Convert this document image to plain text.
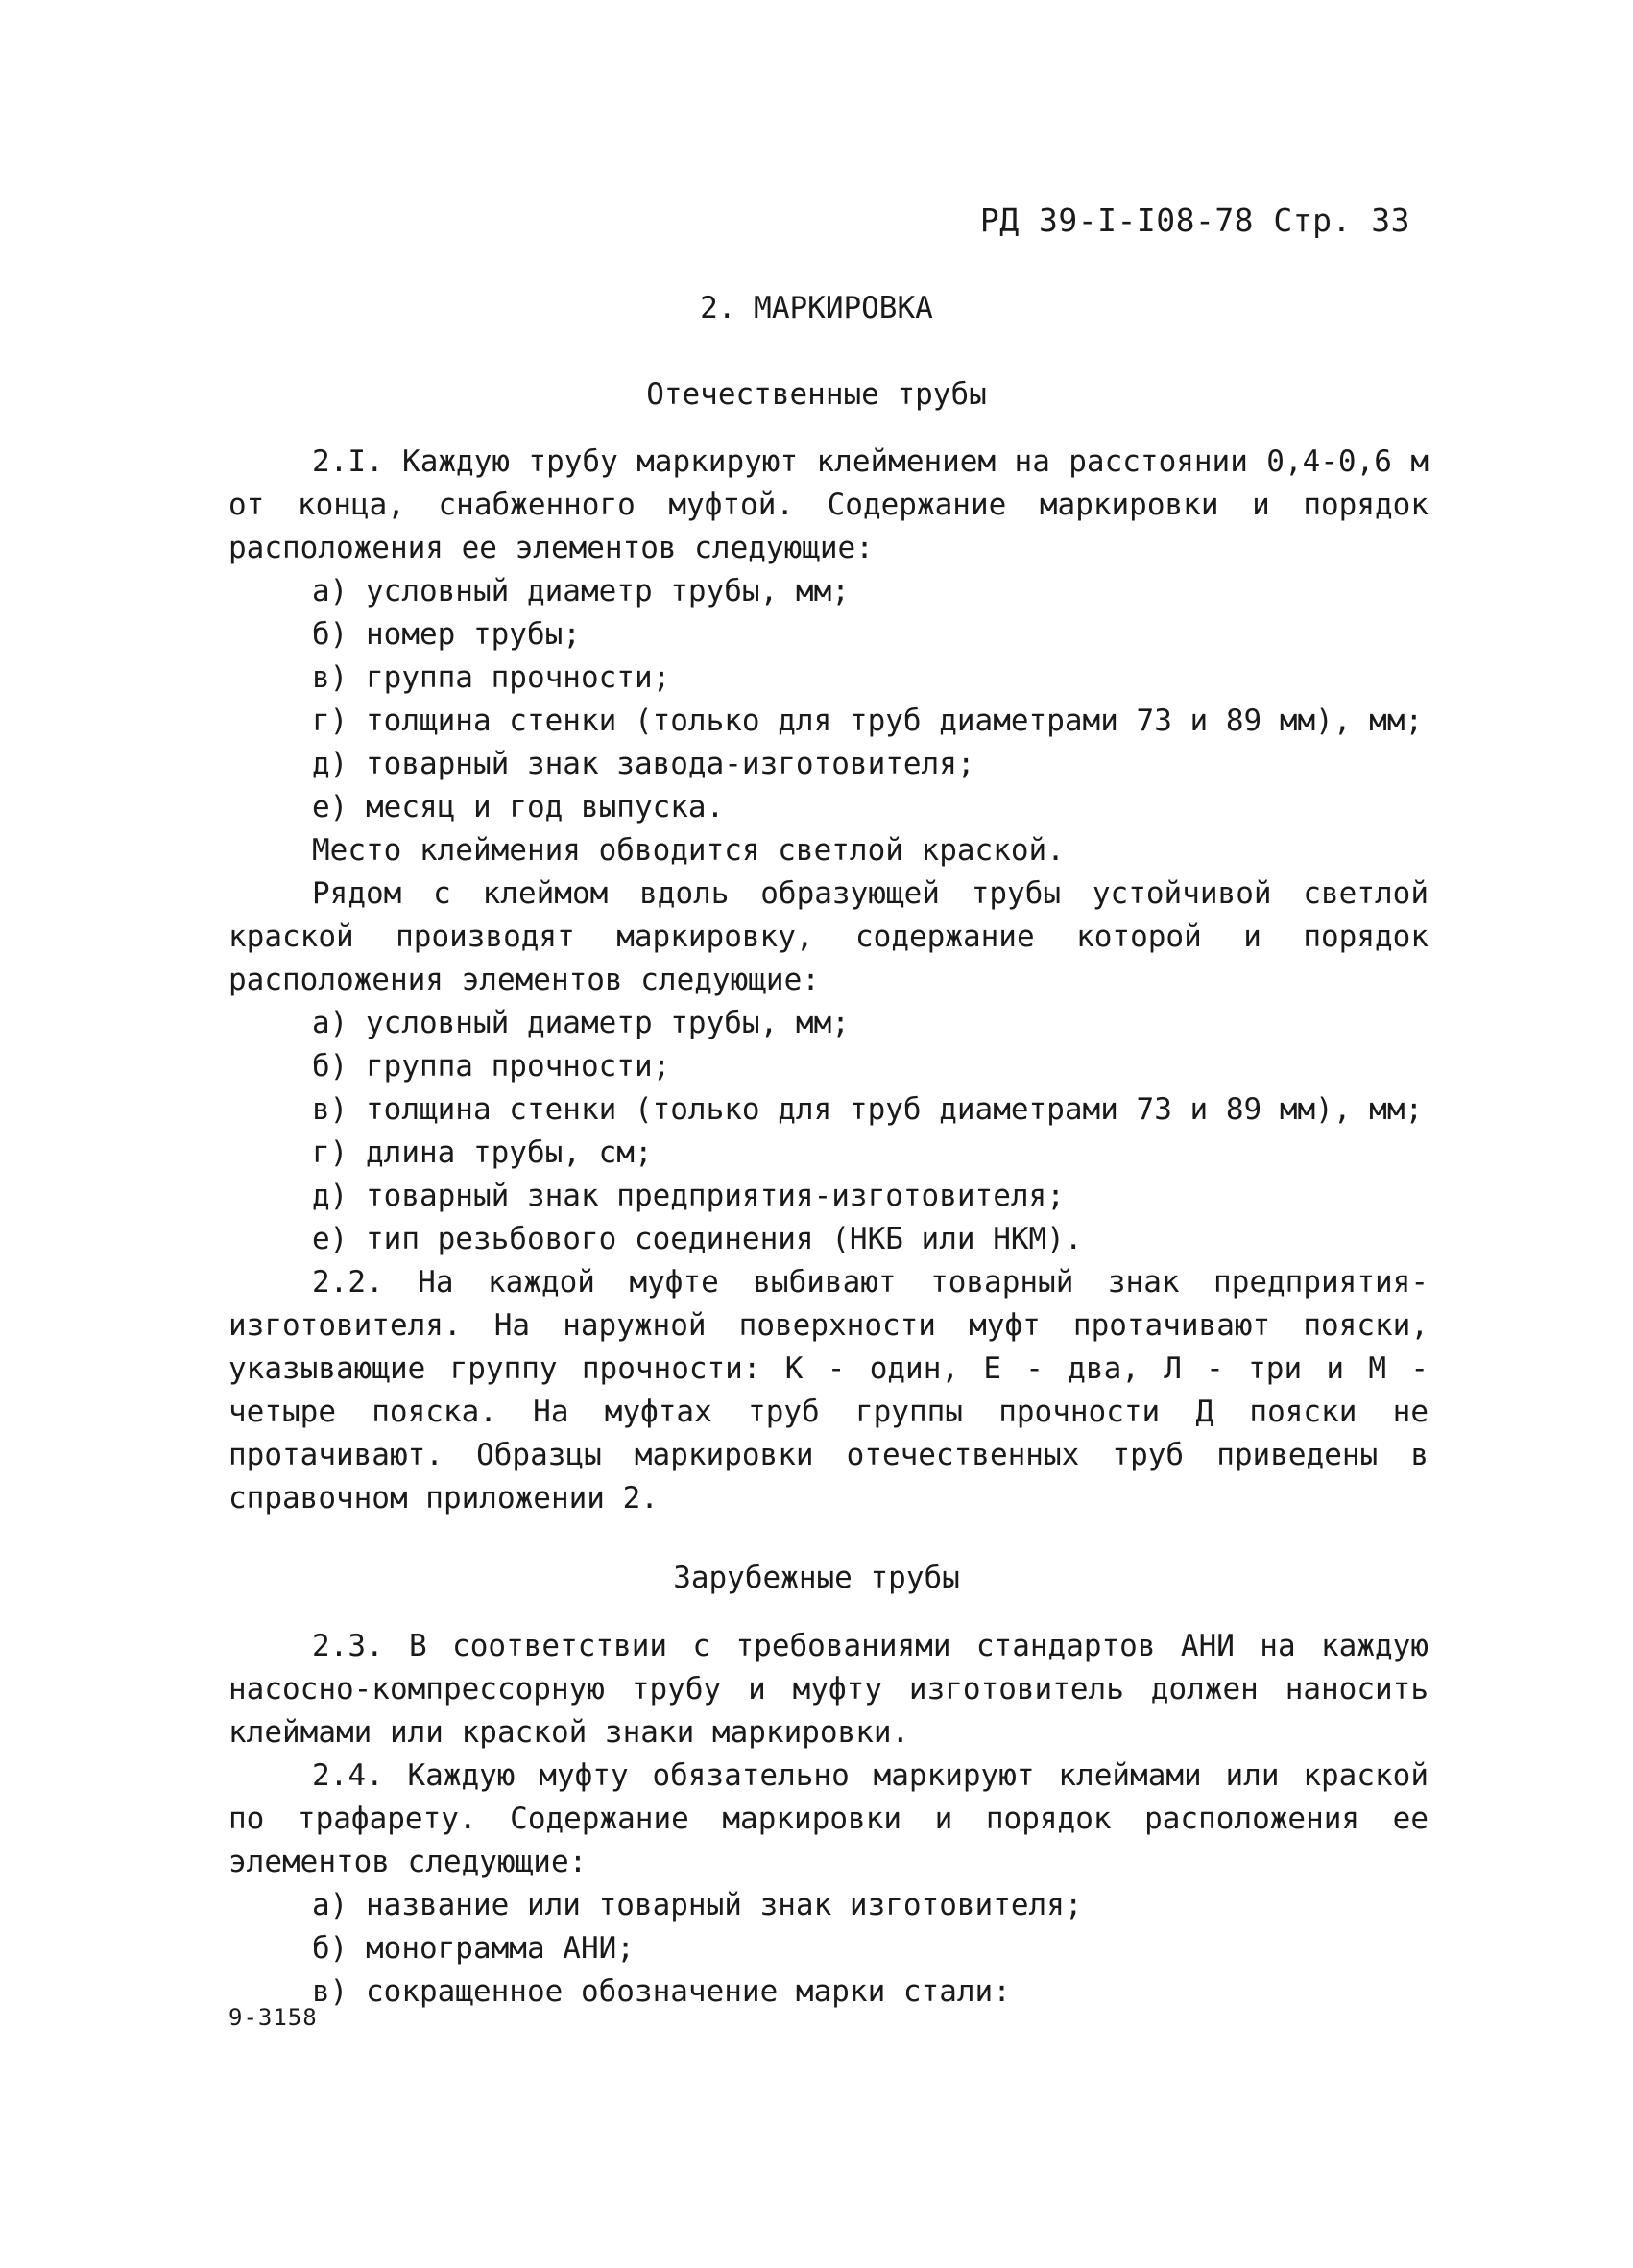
РД 39-I-I08-78 Стр. 33
2. МАРКИРОВКА
Отечественные трубы

2.I. Каждую трубу маркируют клеймением на расстоянии 0,4-0,6 м от конца, снабженного муфтой. Содержание маркировки и порядок расположения ее элементов следующие:

а) условный диаметр трубы, мм;
б) номер трубы;
в) группа прочности;
г) толщина стенки (только для труб диаметрами 73 и 89 мм), мм;
д) товарный знак завода-изготовителя;
е) месяц и год выпуска.
Место клеймения обводится светлой краской.

Рядом с клеймом вдоль образующей трубы устойчивой светлой краской производят маркировку, содержание которой и порядок расположения элементов следующие:

а) условный диаметр трубы, мм;
б) группа прочности;
в) толщина стенки (только для труб диаметрами 73 и 89 мм), мм;
г) длина трубы, см;
д) товарный знак предприятия-изготовителя;
е) тип резьбового соединения (НКБ или НКМ).

2.2. На каждой муфте выбивают товарный знак предприятия-изготовителя. На наружной поверхности муфт протачивают пояски, указывающие группу прочности: К - один, Е - два, Л - три и М - четыре пояска. На муфтах труб группы прочности Д пояски не протачивают. Образцы маркировки отечественных труб приведены в справочном приложении 2.

Зарубежные трубы

2.3. В соответствии с требованиями стандартов АНИ на каждую насосно-компрессорную трубу и муфту изготовитель должен наносить клеймами или краской знаки маркировки.

2.4. Каждую муфту обязательно маркируют клеймами или краской по трафарету. Содержание маркировки и порядок расположения ее элементов следующие:

а) название или товарный знак изготовителя;
б) монограмма АНИ;
в) сокращенное обозначение марки стали:
9-3158
